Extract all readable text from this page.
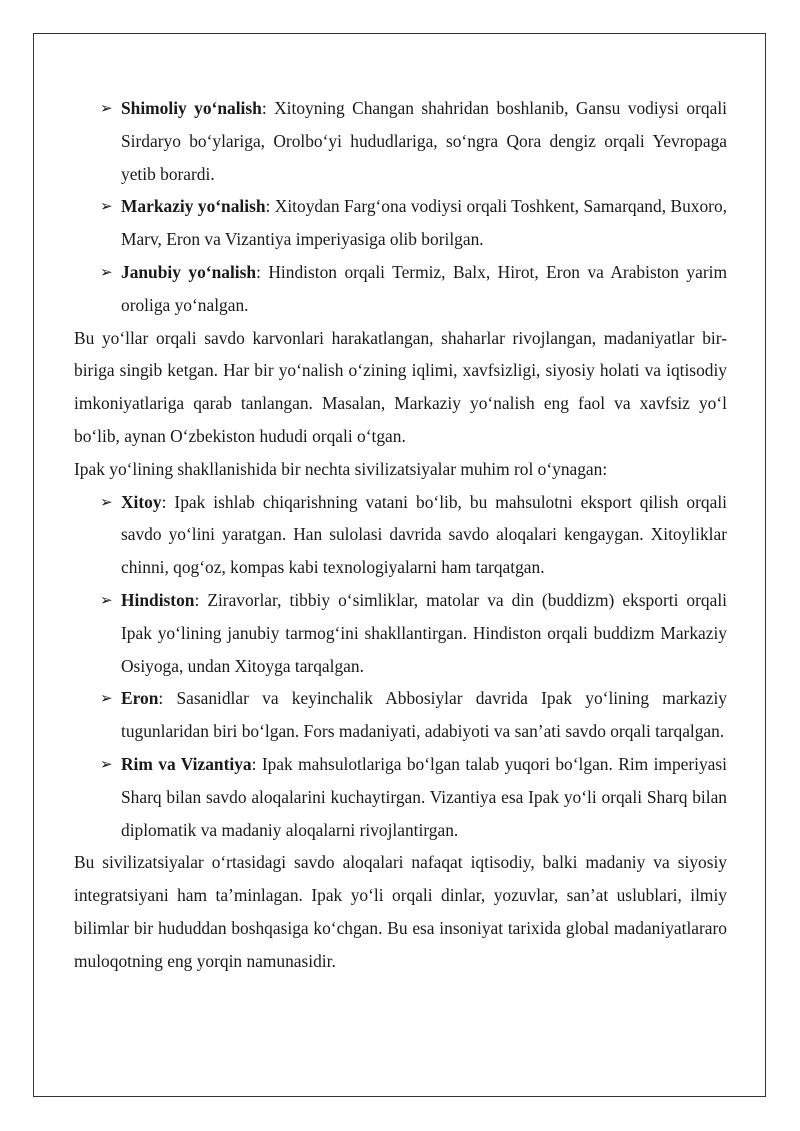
➢ Shimoliy yo‘nalish: Xitoyning Changan shahridan boshlanib, Gansu vodiysi orqali Sirdaryo bo‘ylariga, Orolbo‘yi hududlariga, so‘ngra Qora dengiz orqali Yevropaga yetib borardi.
➢ Markaziy yo‘nalish: Xitoydan Farg‘ona vodiysi orqali Toshkent, Samarqand, Buxoro, Marv, Eron va Vizantiya imperiyasiga olib borilgan.
➢ Janubiy yo‘nalish: Hindiston orqali Termiz, Balx, Hirot, Eron va Arabiston yarim oroliga yo‘nalgan.

Bu yo‘llar orqali savdo karvonlari harakatlangan, shaharlar rivojlangan, madaniyatlar bir-biriga singib ketgan. Har bir yo‘nalish o‘zining iqlimi, xavfsizligi, siyosiy holati va iqtisodiy imkoniyatlariga qarab tanlangan. Masalan, Markaziy yo‘nalish eng faol va xavfsiz yo‘l bo‘lib, aynan O‘zbekiston hududi orqali o‘tgan.

Ipak yo‘lining shakllanishida bir nechta sivilizatsiyalar muhim rol o‘ynagan:

➢ Xitoy: Ipak ishlab chiqarishning vatani bo‘lib, bu mahsulotni eksport qilish orqali savdo yo‘lini yaratgan. Han sulolasi davrida savdo aloqalari kengaygan. Xitoyliklar chinni, qog‘oz, kompas kabi texnologiyalarni ham tarqatgan.
➢ Hindiston: Ziravorlar, tibbiy o‘simliklar, matolar va din (buddizm) eksporti orqali Ipak yo‘lining janubiy tarmog‘ini shakllantirgan. Hindiston orqali buddizm Markaziy Osiyoga, undan Xitoyga tarqalgan.
➢ Eron: Sasanidlar va keyinchalik Abbosiylar davrida Ipak yo‘lining markaziy tugunlaridan biri bo‘lgan. Fors madaniyati, adabiyoti va san’ati savdo orqali tarqalgan.
➢ Rim va Vizantiya: Ipak mahsulotlariga bo‘lgan talab yuqori bo‘lgan. Rim imperiyasi Sharq bilan savdo aloqalarini kuchaytirgan. Vizantiya esa Ipak yo‘li orqali Sharq bilan diplomatik va madaniy aloqalarni rivojlantirgan.

Bu sivilizatsiyalar o‘rtasidagi savdo aloqalari nafaqat iqtisodiy, balki madaniy va siyosiy integratsiyani ham ta’minlagan. Ipak yo‘li orqali dinlar, yozuvlar, san’at uslublari, ilmiy bilimlar bir hududdan boshqasiga ko‘chgan. Bu esa insoniyat tarixida global madaniyatlararo muloqotning eng yorqin namunasidir.
